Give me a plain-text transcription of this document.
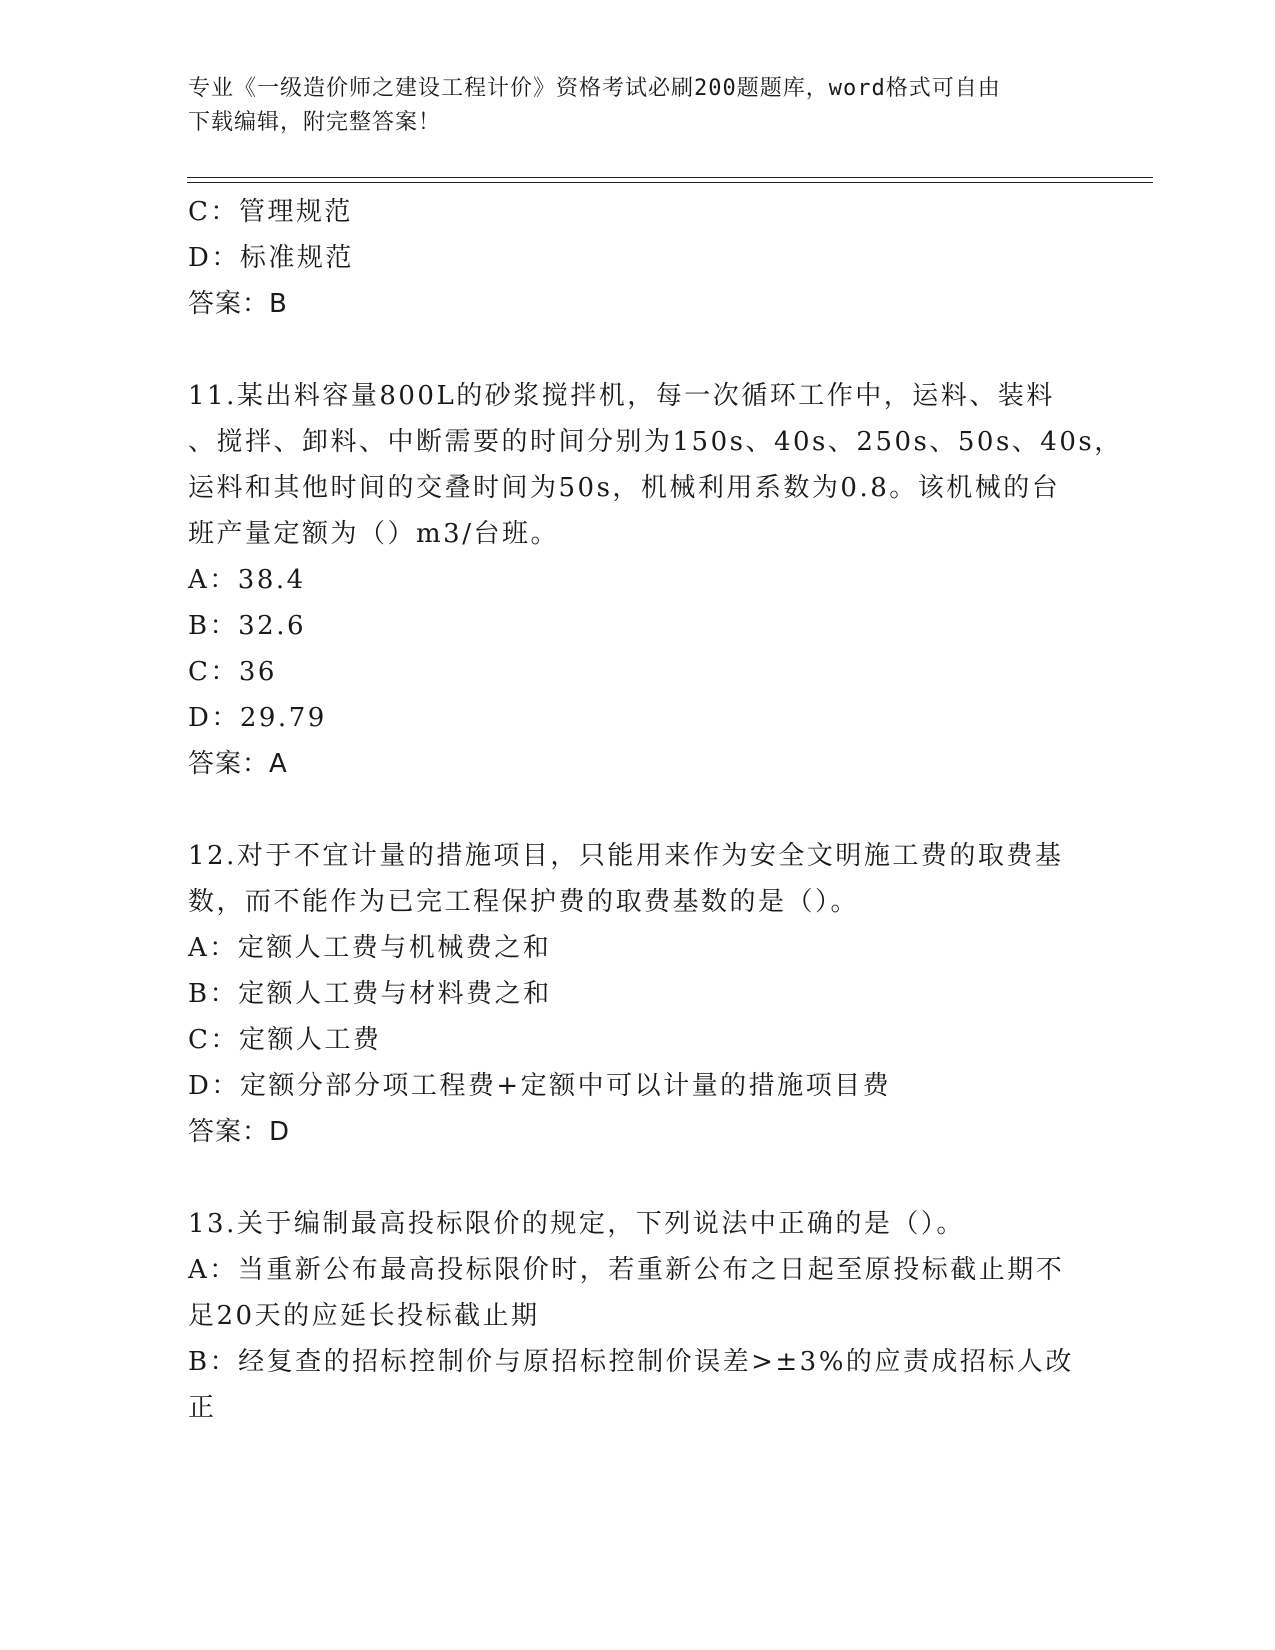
专业《一级造价师之建设工程计价》资格考试必刷200题题库，word格式可自由
下载编辑，附完整答案！
C：管理规范
D：标准规范
答案：B
11.某出料容量800L的砂浆搅拌机，每一次循环工作中，运料、装料
、搅拌、卸料、中断需要的时间分别为150s、40s、250s、50s、40s，
运料和其他时间的交叠时间为50s，机械利用系数为0.8。该机械的台
班产量定额为（）m3/台班。
A：38.4
B：32.6
C：36
D：29.79
答案：A
12.对于不宜计量的措施项目，只能用来作为安全文明施工费的取费基
数，而不能作为已完工程保护费的取费基数的是（）。
A：定额人工费与机械费之和
B：定额人工费与材料费之和
C：定额人工费
D：定额分部分项工程费+定额中可以计量的措施项目费
答案：D
13.关于编制最高投标限价的规定，下列说法中正确的是（）。
A：当重新公布最高投标限价时，若重新公布之日起至原投标截止期不
足20天的应延长投标截止期
B：经复查的招标控制价与原招标控制价误差>±3%的应责成招标人改
正
